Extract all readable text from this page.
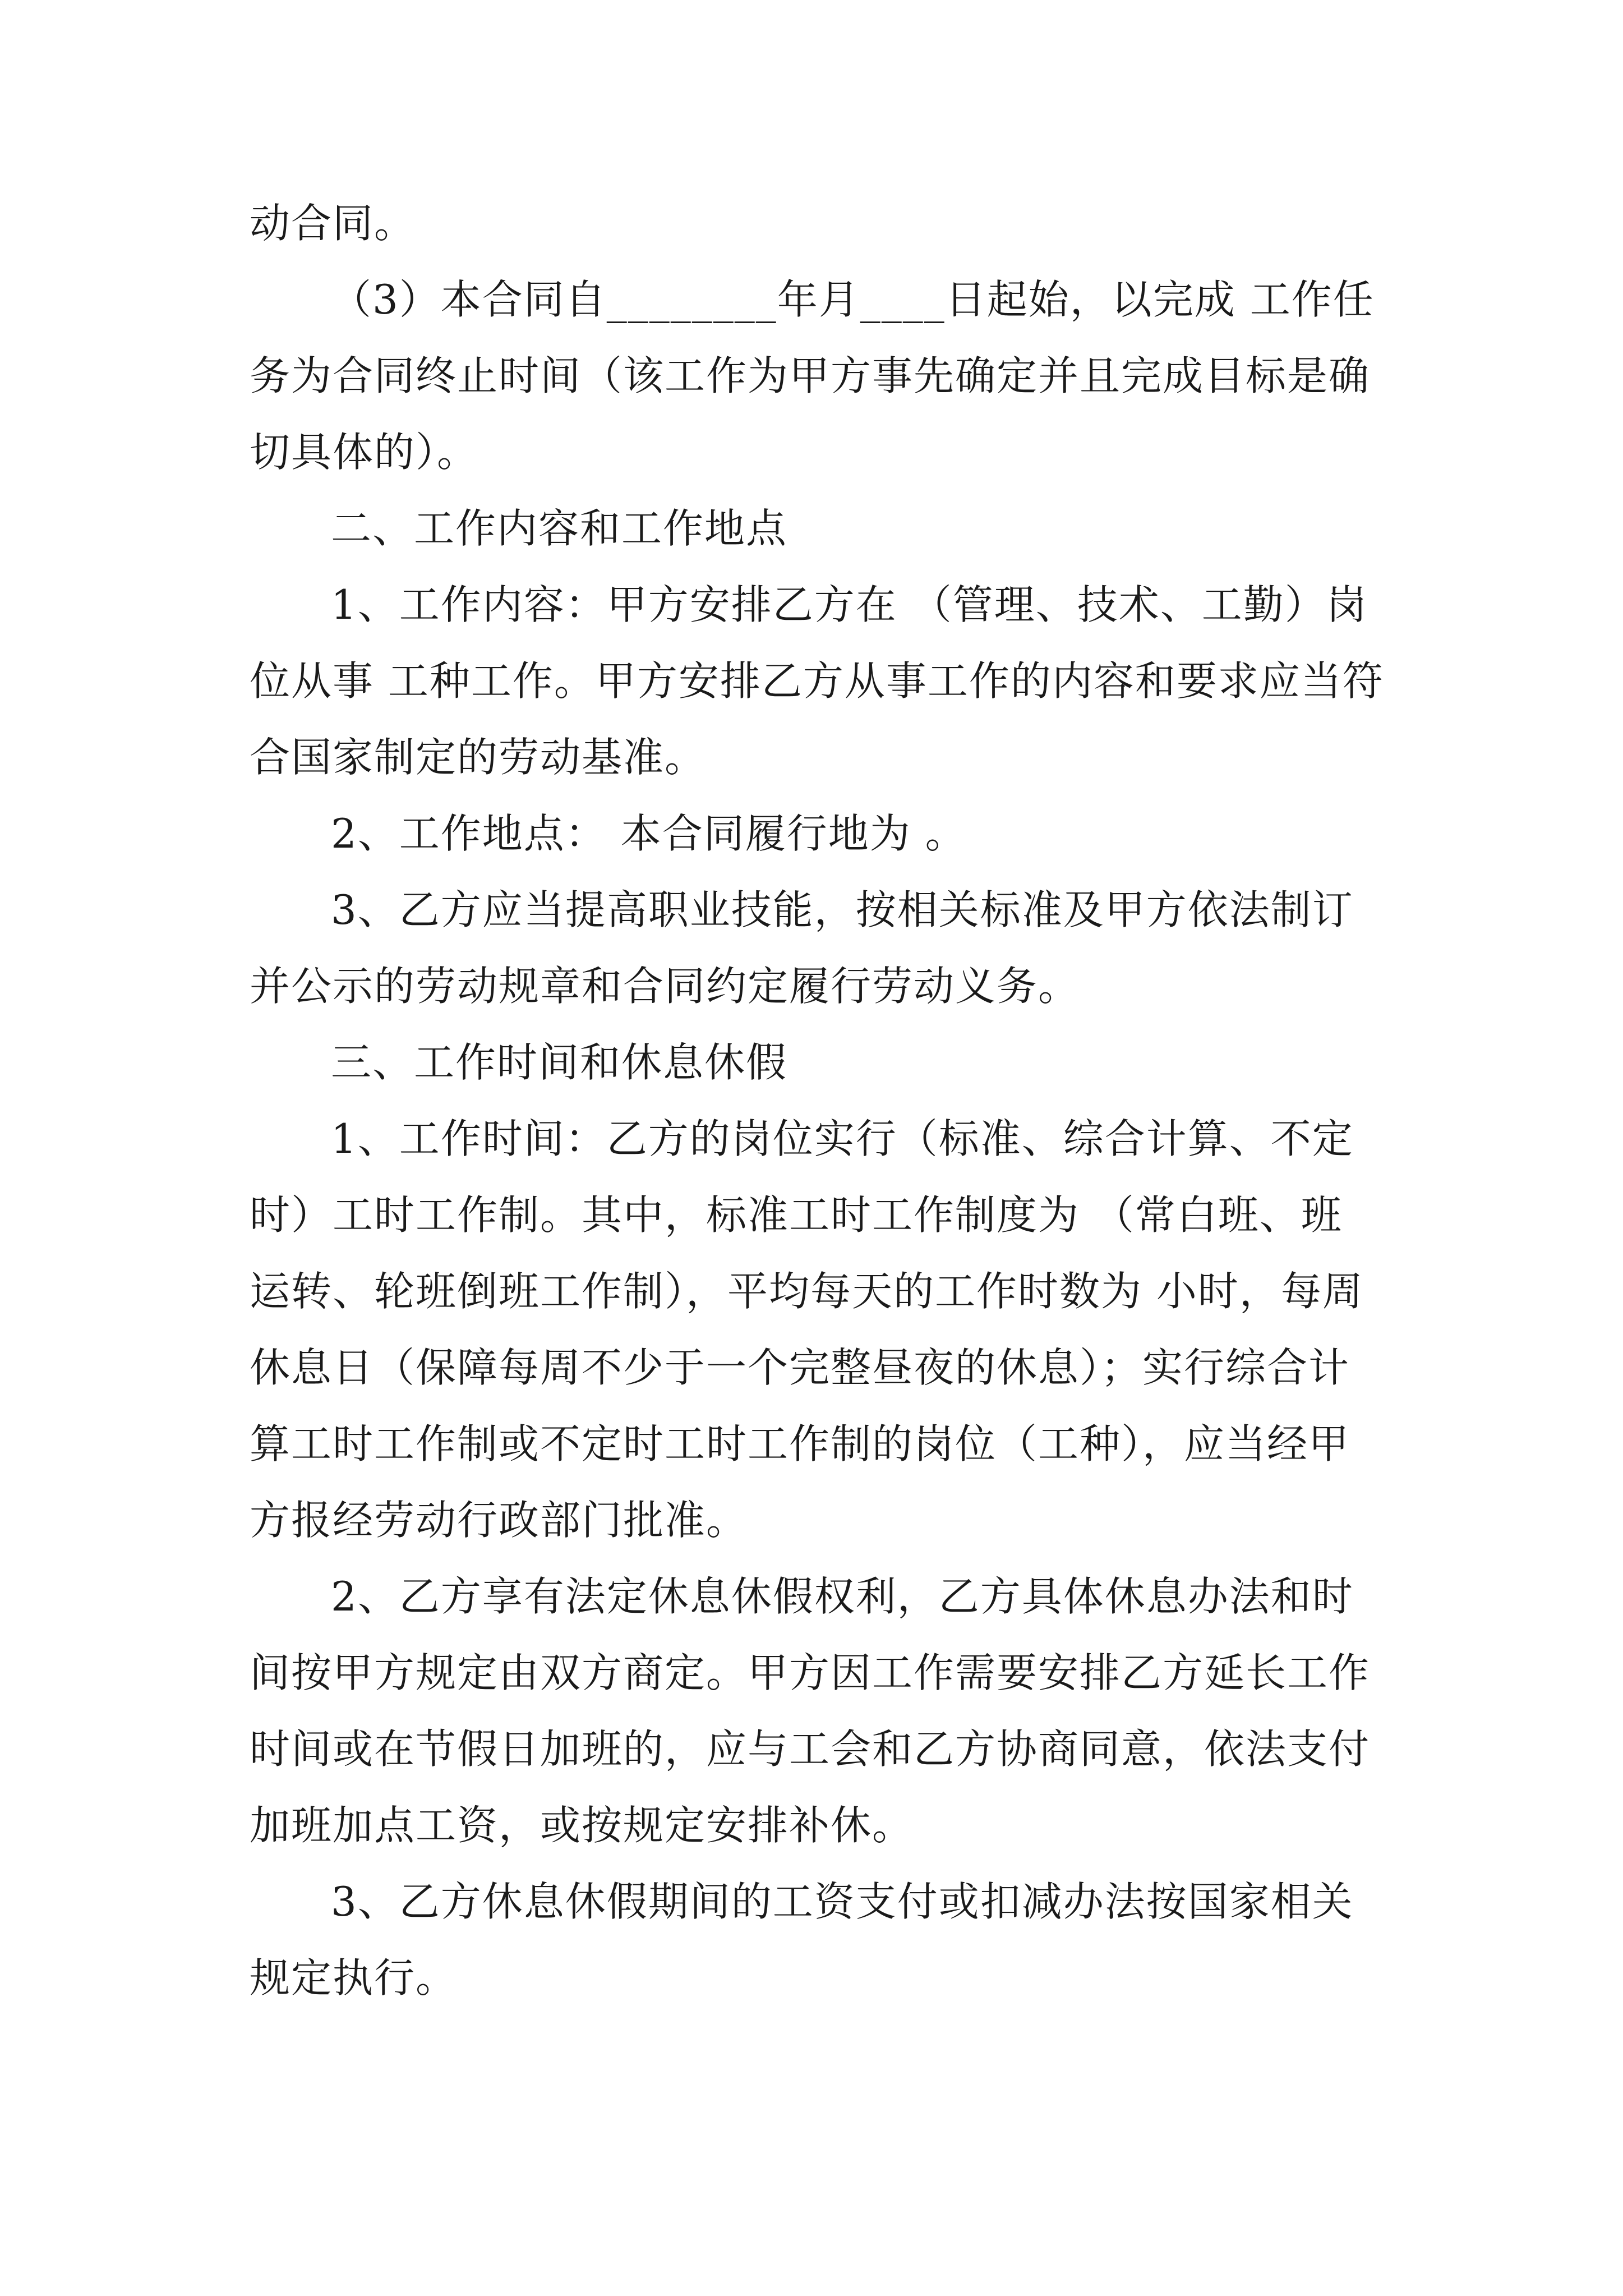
动合同。

（3）本合同自________年月____日起始，以完成 工作任务为合同终止时间（该工作为甲方事先确定并且完成目标是确切具体的）。

二、工作内容和工作地点

1、工作内容：甲方安排乙方在 （管理、技术、工勤）岗位从事 工种工作。甲方安排乙方从事工作的内容和要求应当符合国家制定的劳动基准。

2、工作地点： 本合同履行地为 。

3、乙方应当提高职业技能，按相关标准及甲方依法制订并公示的劳动规章和合同约定履行劳动义务。

三、工作时间和休息休假

1、工作时间：乙方的岗位实行（标准、综合计算、不定时）工时工作制。其中，标准工时工作制度为 （常白班、班 运转、轮班倒班工作制），平均每天的工作时数为 小时，每周休息日（保障每周不少于一个完整昼夜的休息）；实行综合计算工时工作制或不定时工时工作制的岗位（工种），应当经甲方报经劳动行政部门批准。

2、乙方享有法定休息休假权利，乙方具体休息办法和时间按甲方规定由双方商定。甲方因工作需要安排乙方延长工作时间或在节假日加班的，应与工会和乙方协商同意，依法支付加班加点工资，或按规定安排补休。

3、乙方休息休假期间的工资支付或扣减办法按国家相关规定执行。
